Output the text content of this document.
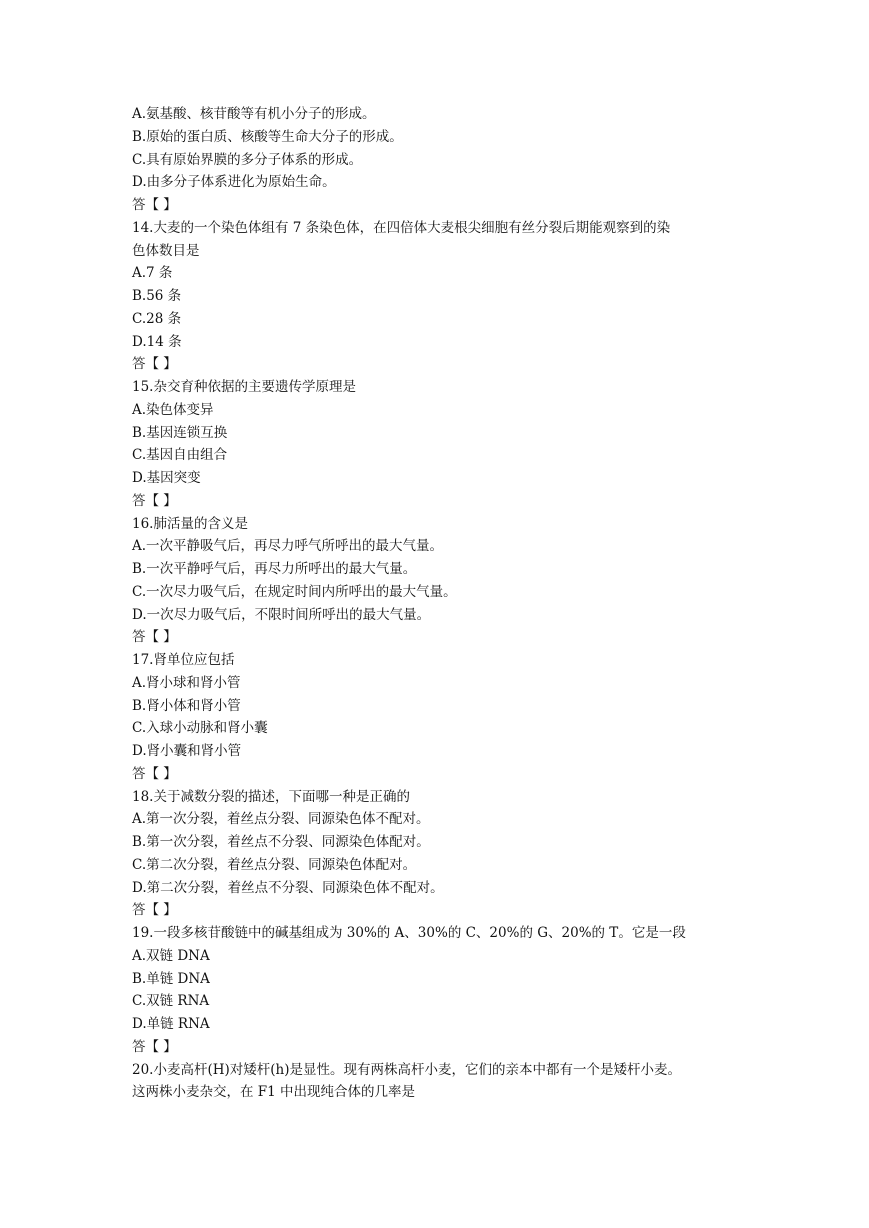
A.氨基酸、核苷酸等有机小分子的形成。
B.原始的蛋白质、核酸等生命大分子的形成。
C.具有原始界膜的多分子体系的形成。
D.由多分子体系进化为原始生命。
答【 】
14.大麦的一个染色体组有 7 条染色体，在四倍体大麦根尖细胞有丝分裂后期能观察到的染
色体数目是
A.7 条
B.56 条
C.28 条
D.14 条
答【 】
15.杂交育种依据的主要遗传学原理是
A.染色体变异
B.基因连锁互换
C.基因自由组合
D.基因突变
答【 】
16.肺活量的含义是
A.一次平静吸气后，再尽力呼气所呼出的最大气量。
B.一次平静呼气后，再尽力所呼出的最大气量。
C.一次尽力吸气后，在规定时间内所呼出的最大气量。
D.一次尽力吸气后，不限时间所呼出的最大气量。
答【 】
17.肾单位应包括
A.肾小球和肾小管
B.肾小体和肾小管
C.入球小动脉和肾小囊
D.肾小囊和肾小管
答【 】
18.关于减数分裂的描述，下面哪一种是正确的
A.第一次分裂，着丝点分裂、同源染色体不配对。
B.第一次分裂，着丝点不分裂、同源染色体配对。
C.第二次分裂，着丝点分裂、同源染色体配对。
D.第二次分裂，着丝点不分裂、同源染色体不配对。
答【 】
19.一段多核苷酸链中的碱基组成为 30%的 A、30%的 C、20%的 G、20%的 T。它是一段
A.双链 DNA
B.单链 DNA
C.双链 RNA
D.单链 RNA
答【 】
20.小麦高杆(H)对矮杆(h)是显性。现有两株高杆小麦，它们的亲本中都有一个是矮杆小麦。
这两株小麦杂交，在 F1 中出现纯合体的几率是
